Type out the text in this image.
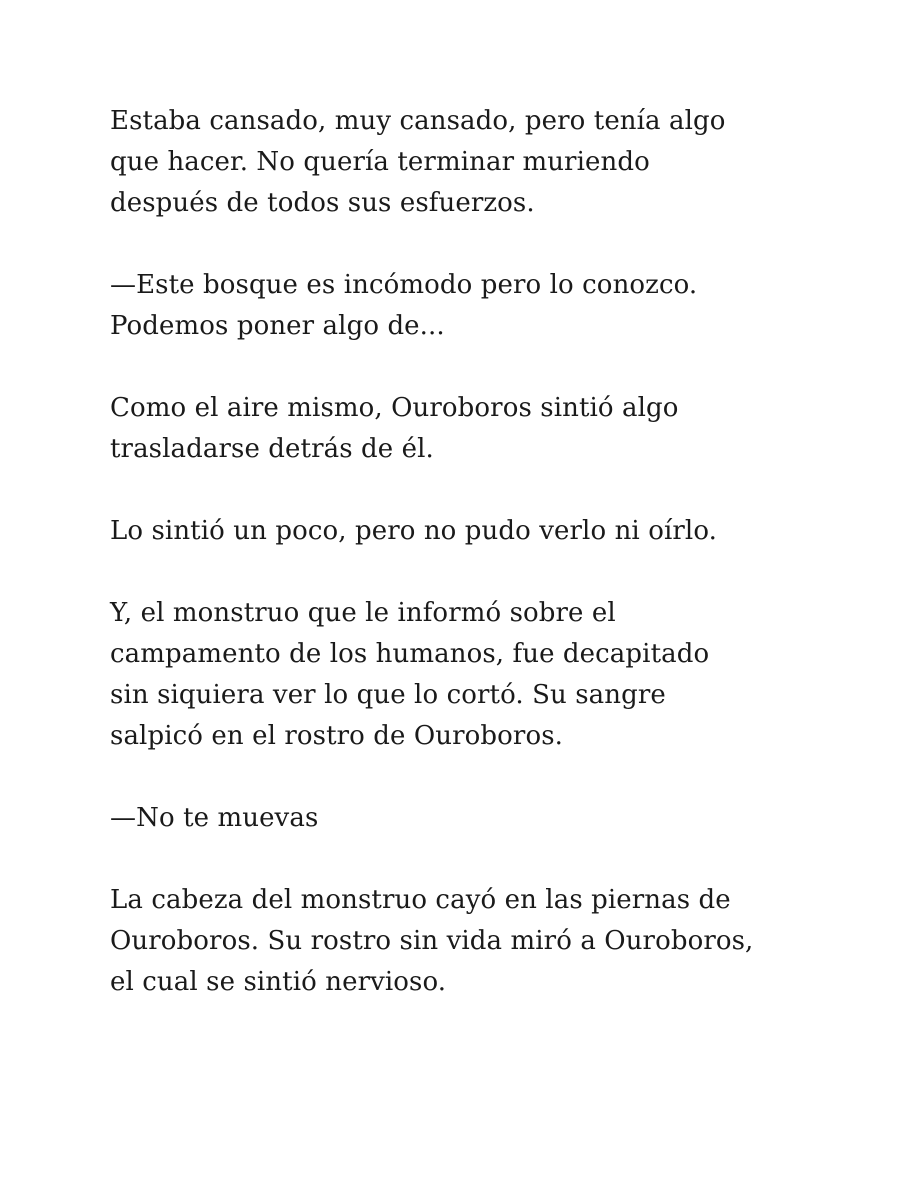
Estaba cansado, muy cansado, pero tenía algo
que hacer. No quería terminar muriendo
después de todos sus esfuerzos.

—Este bosque es incómodo pero lo conozco.
Podemos poner algo de...

Como el aire mismo, Ouroboros sintió algo
trasladarse detrás de él.

Lo sintió un poco, pero no pudo verlo ni oírlo.

Y, el monstruo que le informó sobre el
campamento de los humanos, fue decapitado
sin siquiera ver lo que lo cortó. Su sangre
salpicó en el rostro de Ouroboros.

—No te muevas

La cabeza del monstruo cayó en las piernas de
Ouroboros. Su rostro sin vida miró a Ouroboros,
el cual se sintió nervioso.
